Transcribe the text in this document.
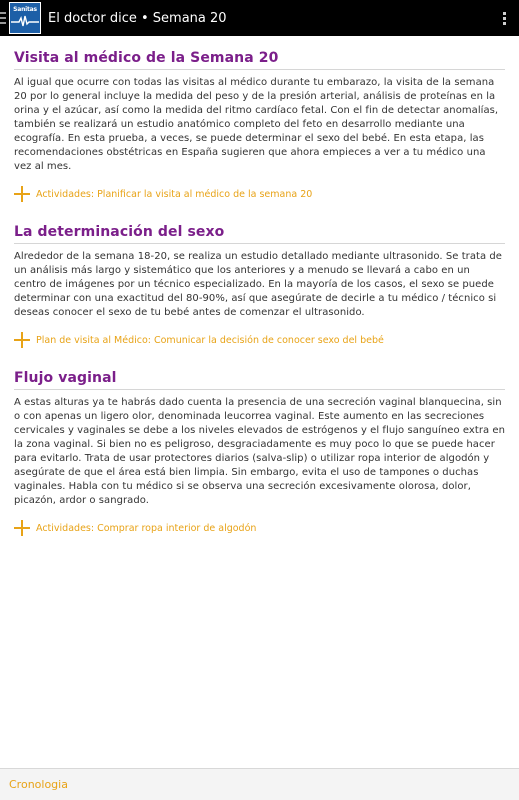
Sanitas
El doctor dice • Semana 20
Visita al médico de la Semana 20
Al igual que ocurre con todas las visitas al médico durante tu embarazo, la visita de la semana 20 por lo general incluye la medida del peso y de la presión arterial, análisis de proteínas en la orina y el azúcar, así como la medida del ritmo cardíaco fetal. Con el fin de detectar anomalías, también se realizará un estudio anatómico completo del feto en desarrollo mediante una ecografía. En esta prueba, a veces, se puede determinar el sexo del bebé. En esta etapa, las recomendaciones obstétricas en España sugieren que ahora empieces a ver a tu médico una vez al mes.
Actividades: Planificar la visita al médico de la semana 20
La determinación del sexo
Alrededor de la semana 18-20, se realiza un estudio detallado mediante ultrasonido. Se trata de un análisis más largo y sistemático que los anteriores y a menudo se llevará a cabo en un centro de imágenes por un técnico especializado. En la mayoría de los casos, el sexo se puede determinar con una exactitud del 80-90%, así que asegúrate de decirle a tu médico / técnico si deseas conocer el sexo de tu bebé antes de comenzar el ultrasonido.
Plan de visita al Médico: Comunicar la decisión de conocer sexo del bebé
Flujo vaginal
A estas alturas ya te habrás dado cuenta la presencia de una secreción vaginal blanquecina, sin o con apenas un ligero olor, denominada leucorrea vaginal. Este aumento en las secreciones cervicales y vaginales se debe a los niveles elevados de estrógenos y el flujo sanguíneo extra en la zona vaginal. Si bien no es peligroso, desgraciadamente es muy poco lo que se puede hacer para evitarlo. Trata de usar protectores diarios (salva-slip) o utilizar ropa interior de algodón y asegúrate de que el área está bien limpia. Sin embargo, evita el uso de tampones o duchas vaginales. Habla con tu médico si se observa una secreción excesivamente olorosa, dolor, picazón, ardor o sangrado.
Actividades: Comprar ropa interior de algodón
Cronologia
